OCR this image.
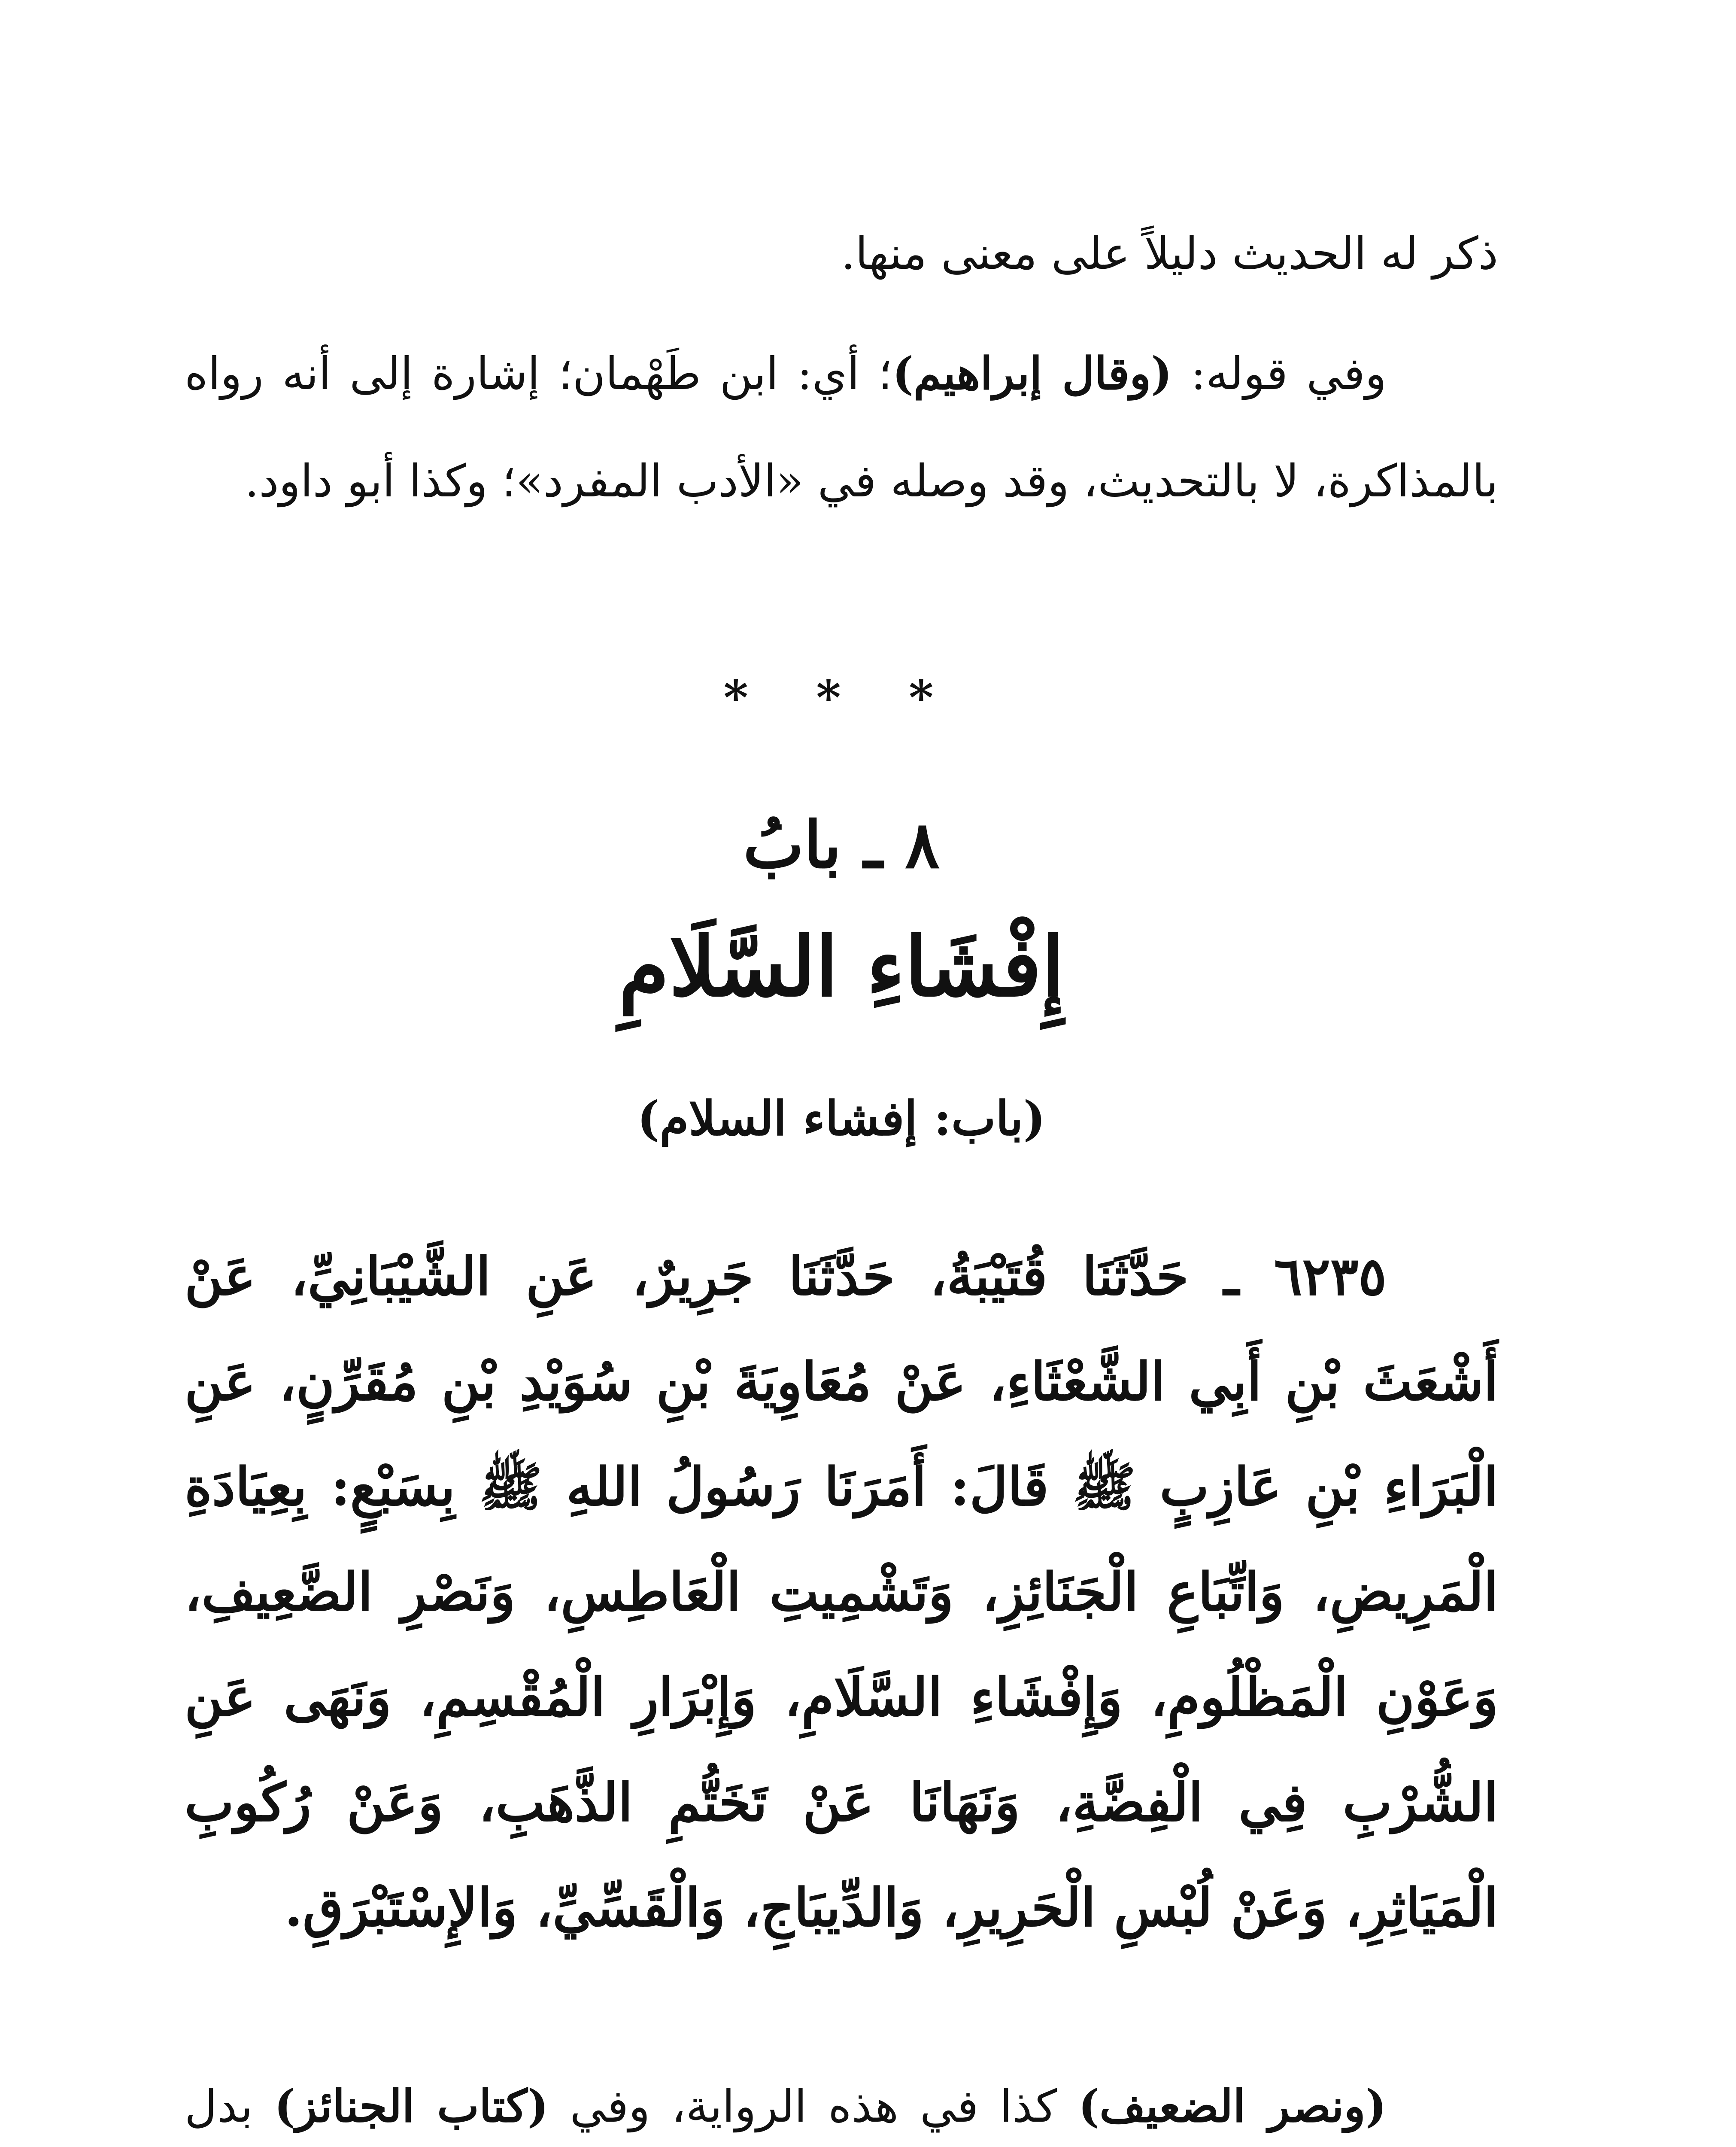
ذكر له الحديث دليلاً على معنى منها.

وفي قوله: (وقال إبراهيم)؛ أي: ابن طَهْمان؛ إشارة إلى أنه رواه بالمذاكرة، لا بالتحديث، وقد وصله في «الأدب المفرد»؛ وكذا أبو داود.

* * *
٨ ـ بابُ
إِفْشَاءِ السَّلَامِ
(باب: إفشاء السلام)

٦٢٣٥ ـ حَدَّثَنَا قُتَيْبَةُ، حَدَّثَنَا جَرِيرٌ، عَنِ الشَّيْبَانِيِّ، عَنْ أَشْعَثَ بْنِ أَبِي الشَّعْثَاءِ، عَنْ مُعَاوِيَةَ بْنِ سُوَيْدِ بْنِ مُقَرِّنٍ، عَنِ الْبَرَاءِ بْنِ عَازِبٍ ﷺ قَالَ: أَمَرَنَا رَسُولُ اللهِ ﷺ بِسَبْعٍ: بِعِيَادَةِ الْمَرِيضِ، وَاتِّبَاعِ الْجَنَائِزِ، وَتَشْمِيتِ الْعَاطِسِ، وَنَصْرِ الضَّعِيفِ، وَعَوْنِ الْمَظْلُومِ، وَإِفْشَاءِ السَّلَامِ، وَإِبْرَارِ الْمُقْسِمِ، وَنَهَى عَنِ الشُّرْبِ فِي الْفِضَّةِ، وَنَهَانَا عَنْ تَخَتُّمِ الذَّهَبِ، وَعَنْ رُكُوبِ الْمَيَاثِرِ، وَعَنْ لُبْسِ الْحَرِيرِ، وَالدِّيبَاجِ، وَالْقَسِّيِّ، وَالإِسْتَبْرَقِ.

(ونصر الضعيف) كذا في هذه الرواية، وفي (كتاب الجنائز) بدل
